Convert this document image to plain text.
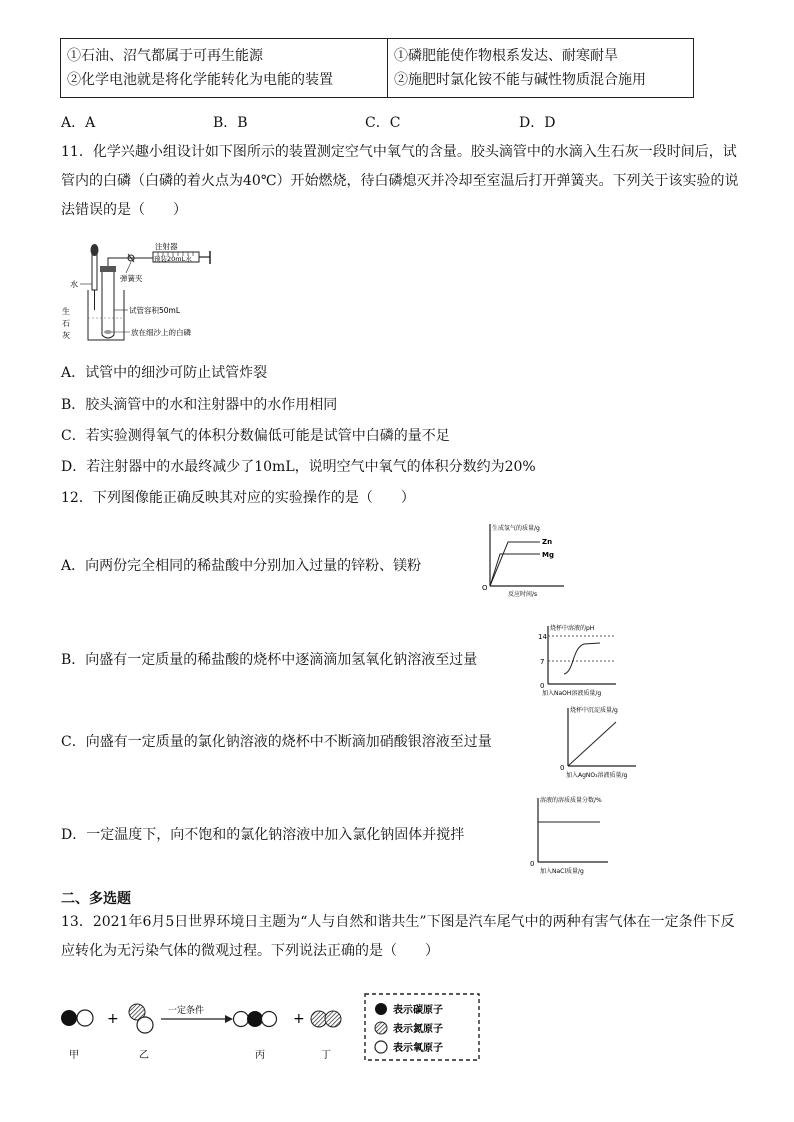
①石油、沼气都属于可再生能源
②化学电池就是将化学能转化为电能的装置

①磷肥能使作物根系发达、耐寒耐旱
②施肥时氯化铵不能与碱性物质混合施用
A．A	B．B	C．C	D．D
11．化学兴趣小组设计如下图所示的装置测定空气中氧气的含量。胶头滴管中的水滴入生石灰一段时间后，试管内的白磷（白磷的着火点为40℃）开始燃烧，待白磷熄灭并冷却至室温后打开弹簧夹。下列关于该实验的说法错误的是（　　）
注射器
预装20mL水
水
弹簧夹
试管容积50mL
放在细沙上的白磷
生
石
灰
A．试管中的细沙可防止试管炸裂
B．胶头滴管中的水和注射器中的水作用相同
C．若实验测得氧气的体积分数偏低可能是试管中白磷的量不足
D．若注射器中的水最终减少了10mL，说明空气中氧气的体积分数约为20%
12．下列图像能正确反映其对应的实验操作的是（　　）
A．向两份完全相同的稀盐酸中分别加入过量的锌粉、镁粉
B．向盛有一定质量的稀盐酸的烧杯中逐滴滴加氢氧化钠溶液至过量
C．向盛有一定质量的氯化钠溶液的烧杯中不断滴加硝酸银溶液至过量
D．一定温度下，向不饱和的氯化钠溶液中加入氯化钠固体并搅拌
生成氢气的质量/g
反应时间/s
Zn
Mg
O
烧杯中溶液的pH
14
7
0
加入NaOH溶液质量/g
烧杯中沉淀质量/g
0
加入AgNO₃溶液质量/g
溶液的溶质质量分数/%
0
加入NaCl质量/g
二、多选题
13．2021年6月5日世界环境日主题为“人与自然和谐共生”下图是汽车尾气中的两种有害气体在一定条件下反应转化为无污染气体的微观过程。下列说法正确的是（　　）
+	一定条件	+
甲	乙	丙	丁
表示碳原子
表示氮原子
表示氧原子
